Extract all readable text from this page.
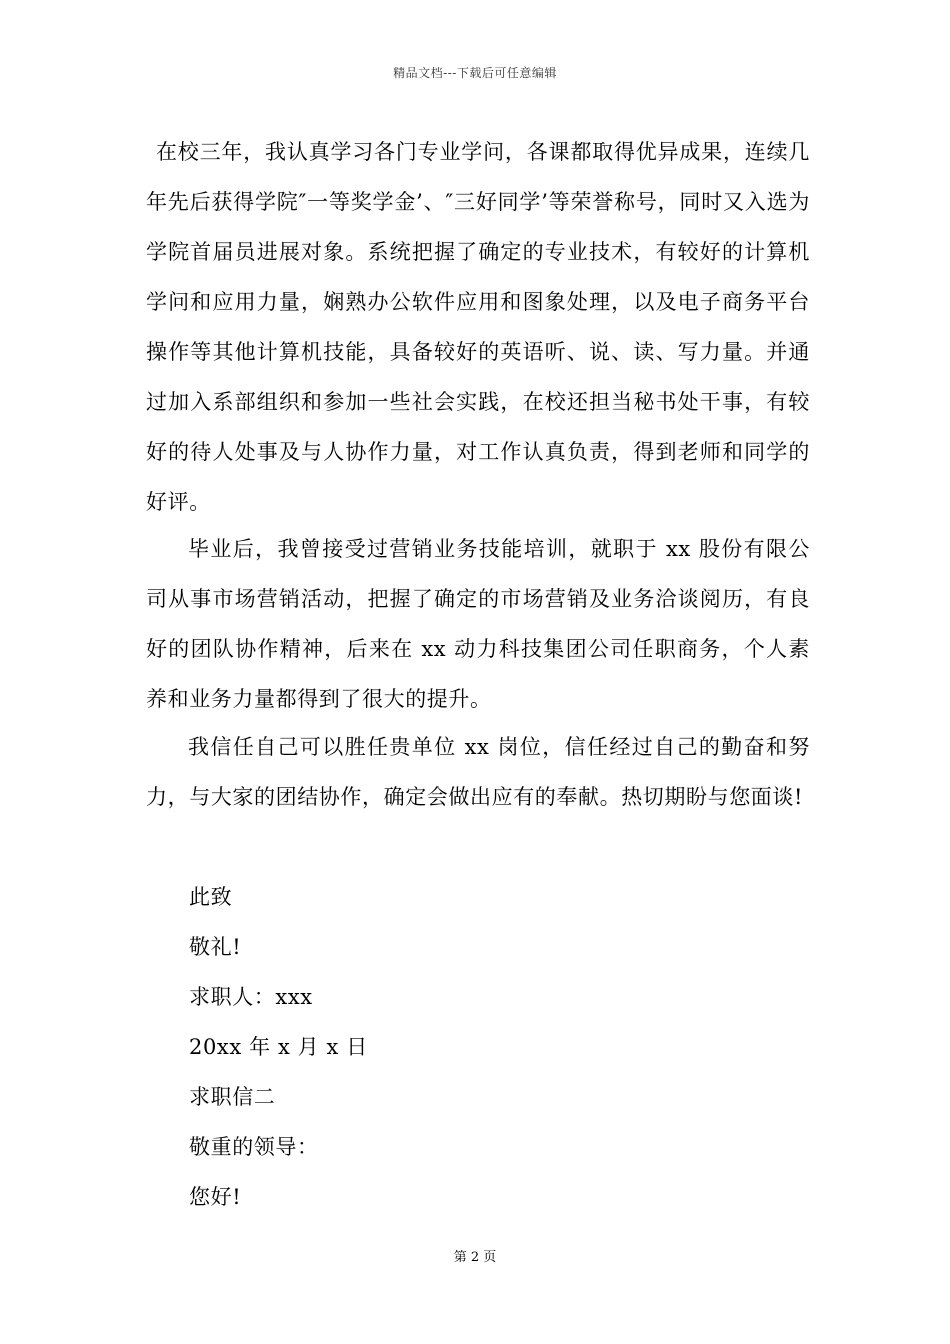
精品文档---下载后可任意编辑

在校三年，我认真学习各门专业学问，各课都取得优异成果，连续几年先后获得学院″一等奖学金’、″三好同学’等荣誉称号，同时又入选为学院首届员进展对象。系统把握了确定的专业技术，有较好的计算机学问和应用力量，娴熟办公软件应用和图象处理，以及电子商务平台操作等其他计算机技能，具备较好的英语听、说、读、写力量。并通过加入系部组织和参加一些社会实践，在校还担当秘书处干事，有较好的待人处事及与人协作力量，对工作认真负责，得到老师和同学的好评。

毕业后，我曾接受过营销业务技能培训，就职于 xx 股份有限公司从事市场营销活动，把握了确定的市场营销及业务洽谈阅历，有良好的团队协作精神，后来在 xx 动力科技集团公司任职商务，个人素养和业务力量都得到了很大的提升。

我信任自己可以胜任贵单位 xx 岗位，信任经过自己的勤奋和努力，与大家的团结协作，确定会做出应有的奉献。热切期盼与您面谈!

此致
敬礼!
求职人：xxx
20xx 年 x 月 x 日
求职信二
敬重的领导：
您好!
第 2 页
